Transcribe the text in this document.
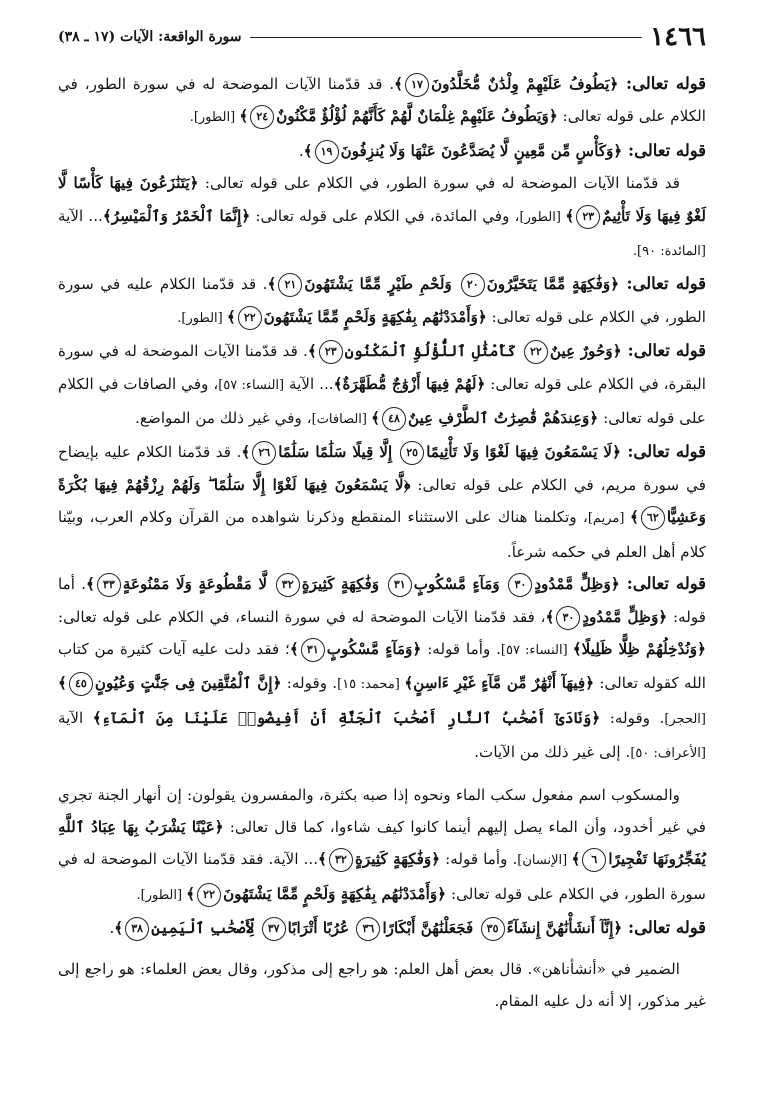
١٤٦٦
سورة الواقعة: الآيات (١٧ ـ ٣٨)

قوله تعالى: ﴿يَطُوفُ عَلَيْهِمْ وِلْدَٰنٌ مُّخَلَّدُونَ١٧﴾. قد قدّمنا الآيات الموضحة له في سورة الطور، في الكلام على قوله تعالى: ﴿وَيَطُوفُ عَلَيْهِمْ غِلْمَانٌ لَّهُمْ كَأَنَّهُمْ لُؤْلُؤٌ مَّكْنُونٌ٢٤﴾ [الطور].

قوله تعالى: ﴿وَكَأْسٍ مِّن مَّعِينٍ لَّا يُصَدَّعُونَ عَنْهَا وَلَا يُنزِفُونَ١٩﴾.

قد قدّمنا الآيات الموضحة له في سورة الطور، في الكلام على قوله تعالى: ﴿يَتَنَٰزَعُونَ فِيهَا كَأْسًا لَّا لَغْوٌ فِيهَا وَلَا تَأْثِيمٌ٢٣﴾ [الطور]، وفي المائدة، في الكلام على قوله تعالى: ﴿إِنَّمَا ٱلْخَمْرُ وَٱلْمَيْسِرُ﴾... الآية [المائدة: ٩٠].

قوله تعالى: ﴿وَفَٰكِهَةٍ مِّمَّا يَتَخَيَّرُونَ٢٠ وَلَحْمِ طَيْرٍ مِّمَّا يَشْتَهُونَ٢١﴾. قد قدّمنا الكلام عليه في سورة الطور، في الكلام على قوله تعالى: ﴿وَأَمْدَدْنَٰهُم بِفَٰكِهَةٍ وَلَحْمٍ مِّمَّا يَشْتَهُونَ٢٢﴾ [الطور].

قوله تعالى: ﴿وَحُورٌ عِينٌ٢٢ كَأَمْثَٰلِ ٱللُّؤْلُؤِ ٱلْمَكْنُونِ٢٣﴾. قد قدّمنا الآيات الموضحة له في سورة البقرة، في الكلام على قوله تعالى: ﴿لَهُمْ فِيهَا أَزْوَٰجٌ مُّطَهَّرَةٌ﴾... الآية [النساء: ٥٧]، وفي الصافات في الكلام على قوله تعالى: ﴿وَعِندَهُمْ قَٰصِرَٰتُ ٱلطَّرْفِ عِينٌ٤٨﴾ [الصافات]، وفي غير ذلك من المواضع.

قوله تعالى: ﴿لَا يَسْمَعُونَ فِيهَا لَغْوًا وَلَا تَأْثِيمًا٢٥ إِلَّا قِيلًا سَلَٰمًا سَلَٰمًا٢٦﴾. قد قدّمنا الكلام عليه بإيضاح في سورة مريم، في الكلام على قوله تعالى: ﴿لَّا يَسْمَعُونَ فِيهَا لَغْوًا إِلَّا سَلَٰمًا ۖ وَلَهُمْ رِزْقُهُمْ فِيهَا بُكْرَةً وَعَشِيًّا٦٢﴾ [مريم]، وتكلمنا هناك على الاستثناء المنقطع وذكرنا شواهده من القرآن وكلام العرب، وبيّنا كلام أهل العلم في حكمه شرعاً.

قوله تعالى: ﴿وَظِلٍّ مَّمْدُودٍ٣٠ وَمَآءٍ مَّسْكُوبٍ٣١ وَفَٰكِهَةٍ كَثِيرَةٍ٣٢ لَّا مَقْطُوعَةٍ وَلَا مَمْنُوعَةٍ٣٣﴾. أما قوله: ﴿وَظِلٍّ مَّمْدُودٍ٣٠﴾، فقد قدّمنا الآيات الموضحة له في سورة النساء، في الكلام على قوله تعالى: ﴿وَنُدْخِلُهُمْ ظِلًّا ظَلِيلًا﴾ [النساء: ٥٧]. وأما قوله: ﴿وَمَآءٍ مَّسْكُوبٍ٣١﴾؛ فقد دلت عليه آيات كثيرة من كتاب الله كقوله تعالى: ﴿فِيهَآ أَنْهَٰرٌ مِّن مَّآءٍ غَيْرِ ءَاسِنٍ﴾ [محمد: ١٥]. وقوله: ﴿إِنَّ ٱلْمُتَّقِينَ فِى جَنَّٰتٍ وَعُيُونٍ٤٥﴾ [الحجر]. وقوله: ﴿وَنَادَىٰٓ أَصْحَٰبُ ٱلنَّارِ أَصْحَٰبَ ٱلْجَنَّةِ أَنْ أَفِيضُوا۟ عَلَيْنَا مِنَ ٱلْمَآءِ﴾ الآية [الأعراف: ٥٠]. إلى غير ذلك من الآيات.

والمسكوب اسم مفعول سكب الماء ونحوه إذا صبه بكثرة، والمفسرون يقولون: إن أنهار الجنة تجري في غير أخدود، وأن الماء يصل إليهم أينما كانوا كيف شاءوا، كما قال تعالى: ﴿عَيْنًا يَشْرَبُ بِهَا عِبَادُ ٱللَّهِ يُفَجِّرُونَهَا تَفْجِيرًا٦﴾ [الإنسان]. وأما قوله: ﴿وَفَٰكِهَةٍ كَثِيرَةٍ٣٢﴾... الآية. فقد قدّمنا الآيات الموضحة له في سورة الطور، في الكلام على قوله تعالى: ﴿وَأَمْدَدْنَٰهُم بِفَٰكِهَةٍ وَلَحْمٍ مِّمَّا يَشْتَهُونَ٢٢﴾ [الطور].

قوله تعالى: ﴿إِنَّآ أَنشَأْنَٰهُنَّ إِنشَآءً٣٥ فَجَعَلْنَٰهُنَّ أَبْكَارًا٣٦ عُرُبًا أَتْرَابًا٣٧ لِّأَصْحَٰبِ ٱلْيَمِينِ٣٨﴾.

الضمير في «أنشأناهن». قال بعض أهل العلم: هو راجع إلى مذكور، وقال بعض العلماء: هو راجع إلى غير مذكور، إلا أنه دل عليه المقام.
